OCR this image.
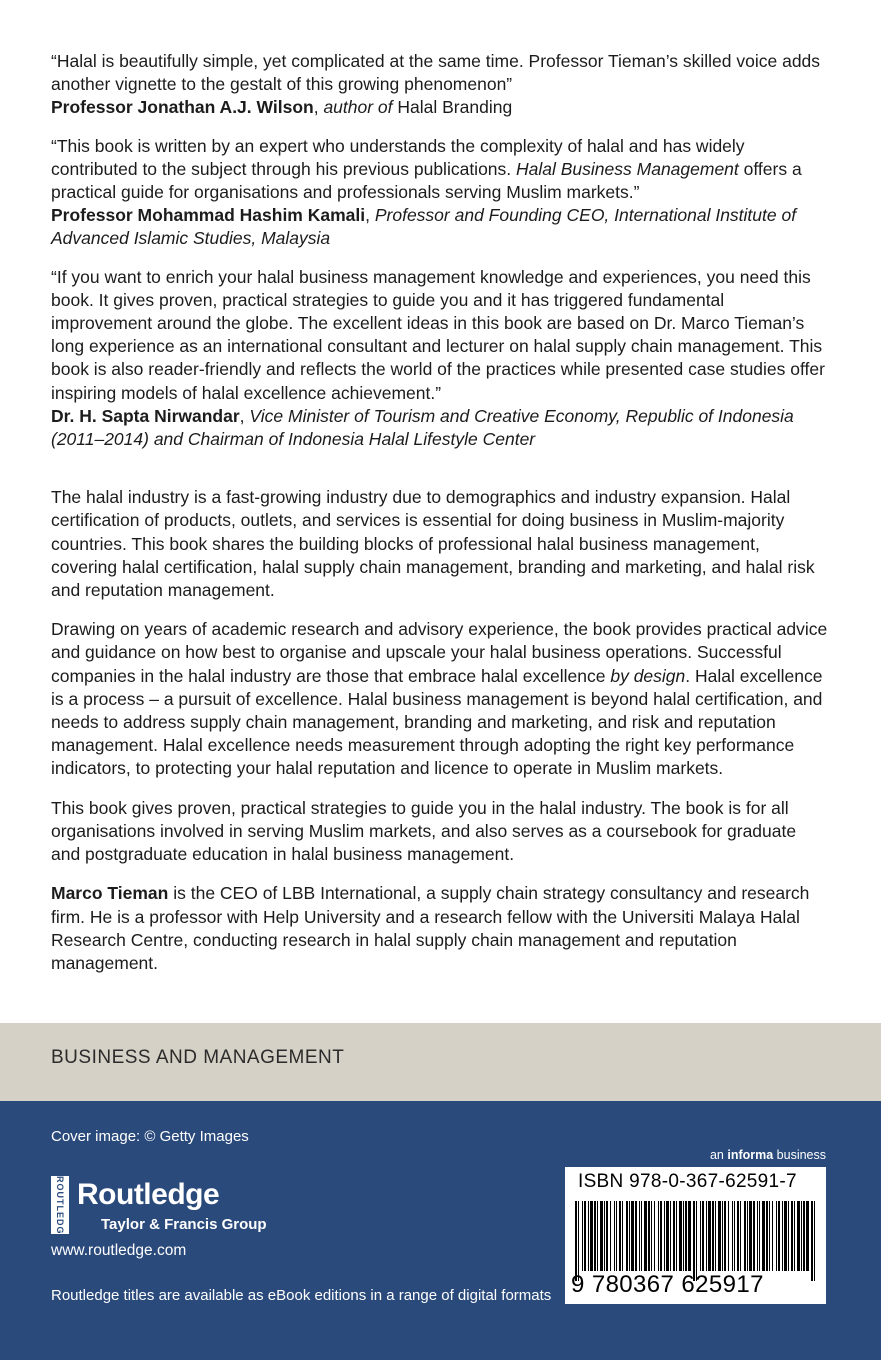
“Halal is beautifully simple, yet complicated at the same time. Professor Tieman’s skilled voice adds another vignette to the gestalt of this growing phenomenon”

Professor Jonathan A.J. Wilson, author of Halal Branding

“This book is written by an expert who understands the complexity of halal and has widely contributed to the subject through his previous publications. Halal Business Management offers a practical guide for organisations and professionals serving Muslim markets.”

Professor Mohammad Hashim Kamali, Professor and Founding CEO, International Institute of Advanced Islamic Studies, Malaysia

“If you want to enrich your halal business management knowledge and experiences, you need this book. It gives proven, practical strategies to guide you and it has triggered fundamental improvement around the globe. The excellent ideas in this book are based on Dr. Marco Tieman’s long experience as an international consultant and lecturer on halal supply chain management. This book is also reader-friendly and reflects the world of the practices while presented case studies offer inspiring models of halal excellence achievement.”

Dr. H. Sapta Nirwandar, Vice Minister of Tourism and Creative Economy, Republic of Indonesia (2011–2014) and Chairman of Indonesia Halal Lifestyle Center

The halal industry is a fast-growing industry due to demographics and industry expansion. Halal certification of products, outlets, and services is essential for doing business in Muslim-majority countries. This book shares the building blocks of professional halal business management, covering halal certification, halal supply chain management, branding and marketing, and halal risk and reputation management.

Drawing on years of academic research and advisory experience, the book provides practical advice and guidance on how best to organise and upscale your halal business operations. Successful companies in the halal industry are those that embrace halal excellence by design. Halal excellence is a process – a pursuit of excellence. Halal business management is beyond halal certification, and needs to address supply chain management, branding and marketing, and risk and reputation management. Halal excellence needs measurement through adopting the right key performance indicators, to protecting your halal reputation and licence to operate in Muslim markets.

This book gives proven, practical strategies to guide you in the halal industry. The book is for all organisations involved in serving Muslim markets, and also serves as a coursebook for graduate and postgraduate education in halal business management.

Marco Tieman is the CEO of LBB International, a supply chain strategy consultancy and research firm. He is a professor with Help University and a research fellow with the Universiti Malaya Halal Research Centre, conducting research in halal supply chain management and reputation management.

BUSINESS AND MANAGEMENT
Cover image: © Getty Images
ROUTLEDGE Routledge
Taylor & Francis Group
www.routledge.com
Routledge titles are available as eBook editions in a range of digital formats
an informa business
ISBN 978-0-367-62591-7
9 780367 625917
